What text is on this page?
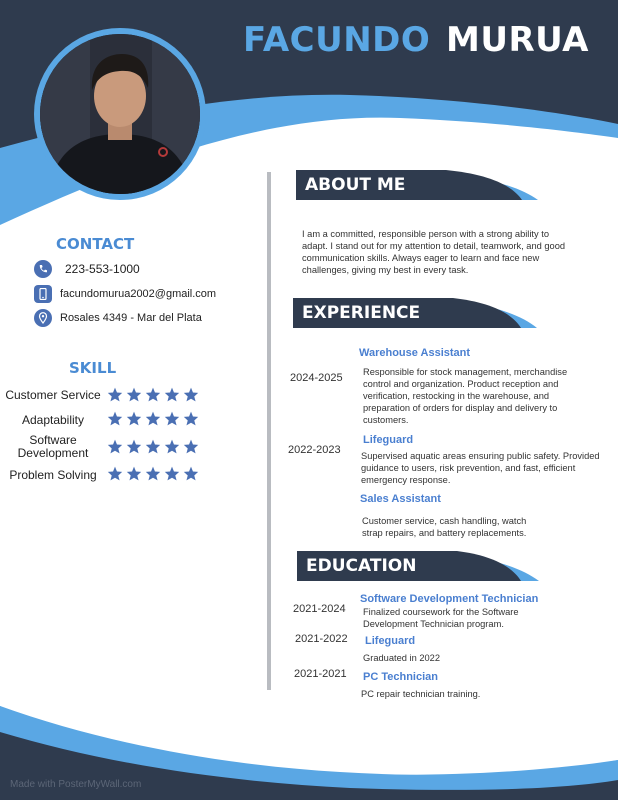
FACUNDO MURUA
CONTACT
223-553-1000
facundomurua2002@gmail.com
Rosales 4349 - Mar del Plata
SKILL
Customer Service
Adaptability
Software
Development
Problem Solving
ABOUT ME
I am a committed, responsible person with a strong ability to adapt. I stand out for my attention to detail, teamwork, and good communication skills. Always eager to learn and face new challenges, giving my best in every task.
EXPERIENCE
Warehouse Assistant
2024-2025 Responsible for stock management, merchandise control and organization. Product reception and verification, restocking in the warehouse, and preparation of orders for display and delivery to customers.
Lifeguard
2022-2023 Supervised aquatic areas ensuring public safety. Provided guidance to users, risk prevention, and fast, efficient emergency response.
Sales Assistant
Customer service, cash handling, watch strap repairs, and battery replacements.
EDUCATION
Software Development Technician
2021-2024 Finalized coursework for the Software Development Technician program.
2021-2022 Lifeguard
Graduated in 2022
2021-2021 PC Technician
PC repair technician training.
Made with PosterMyWall.com
